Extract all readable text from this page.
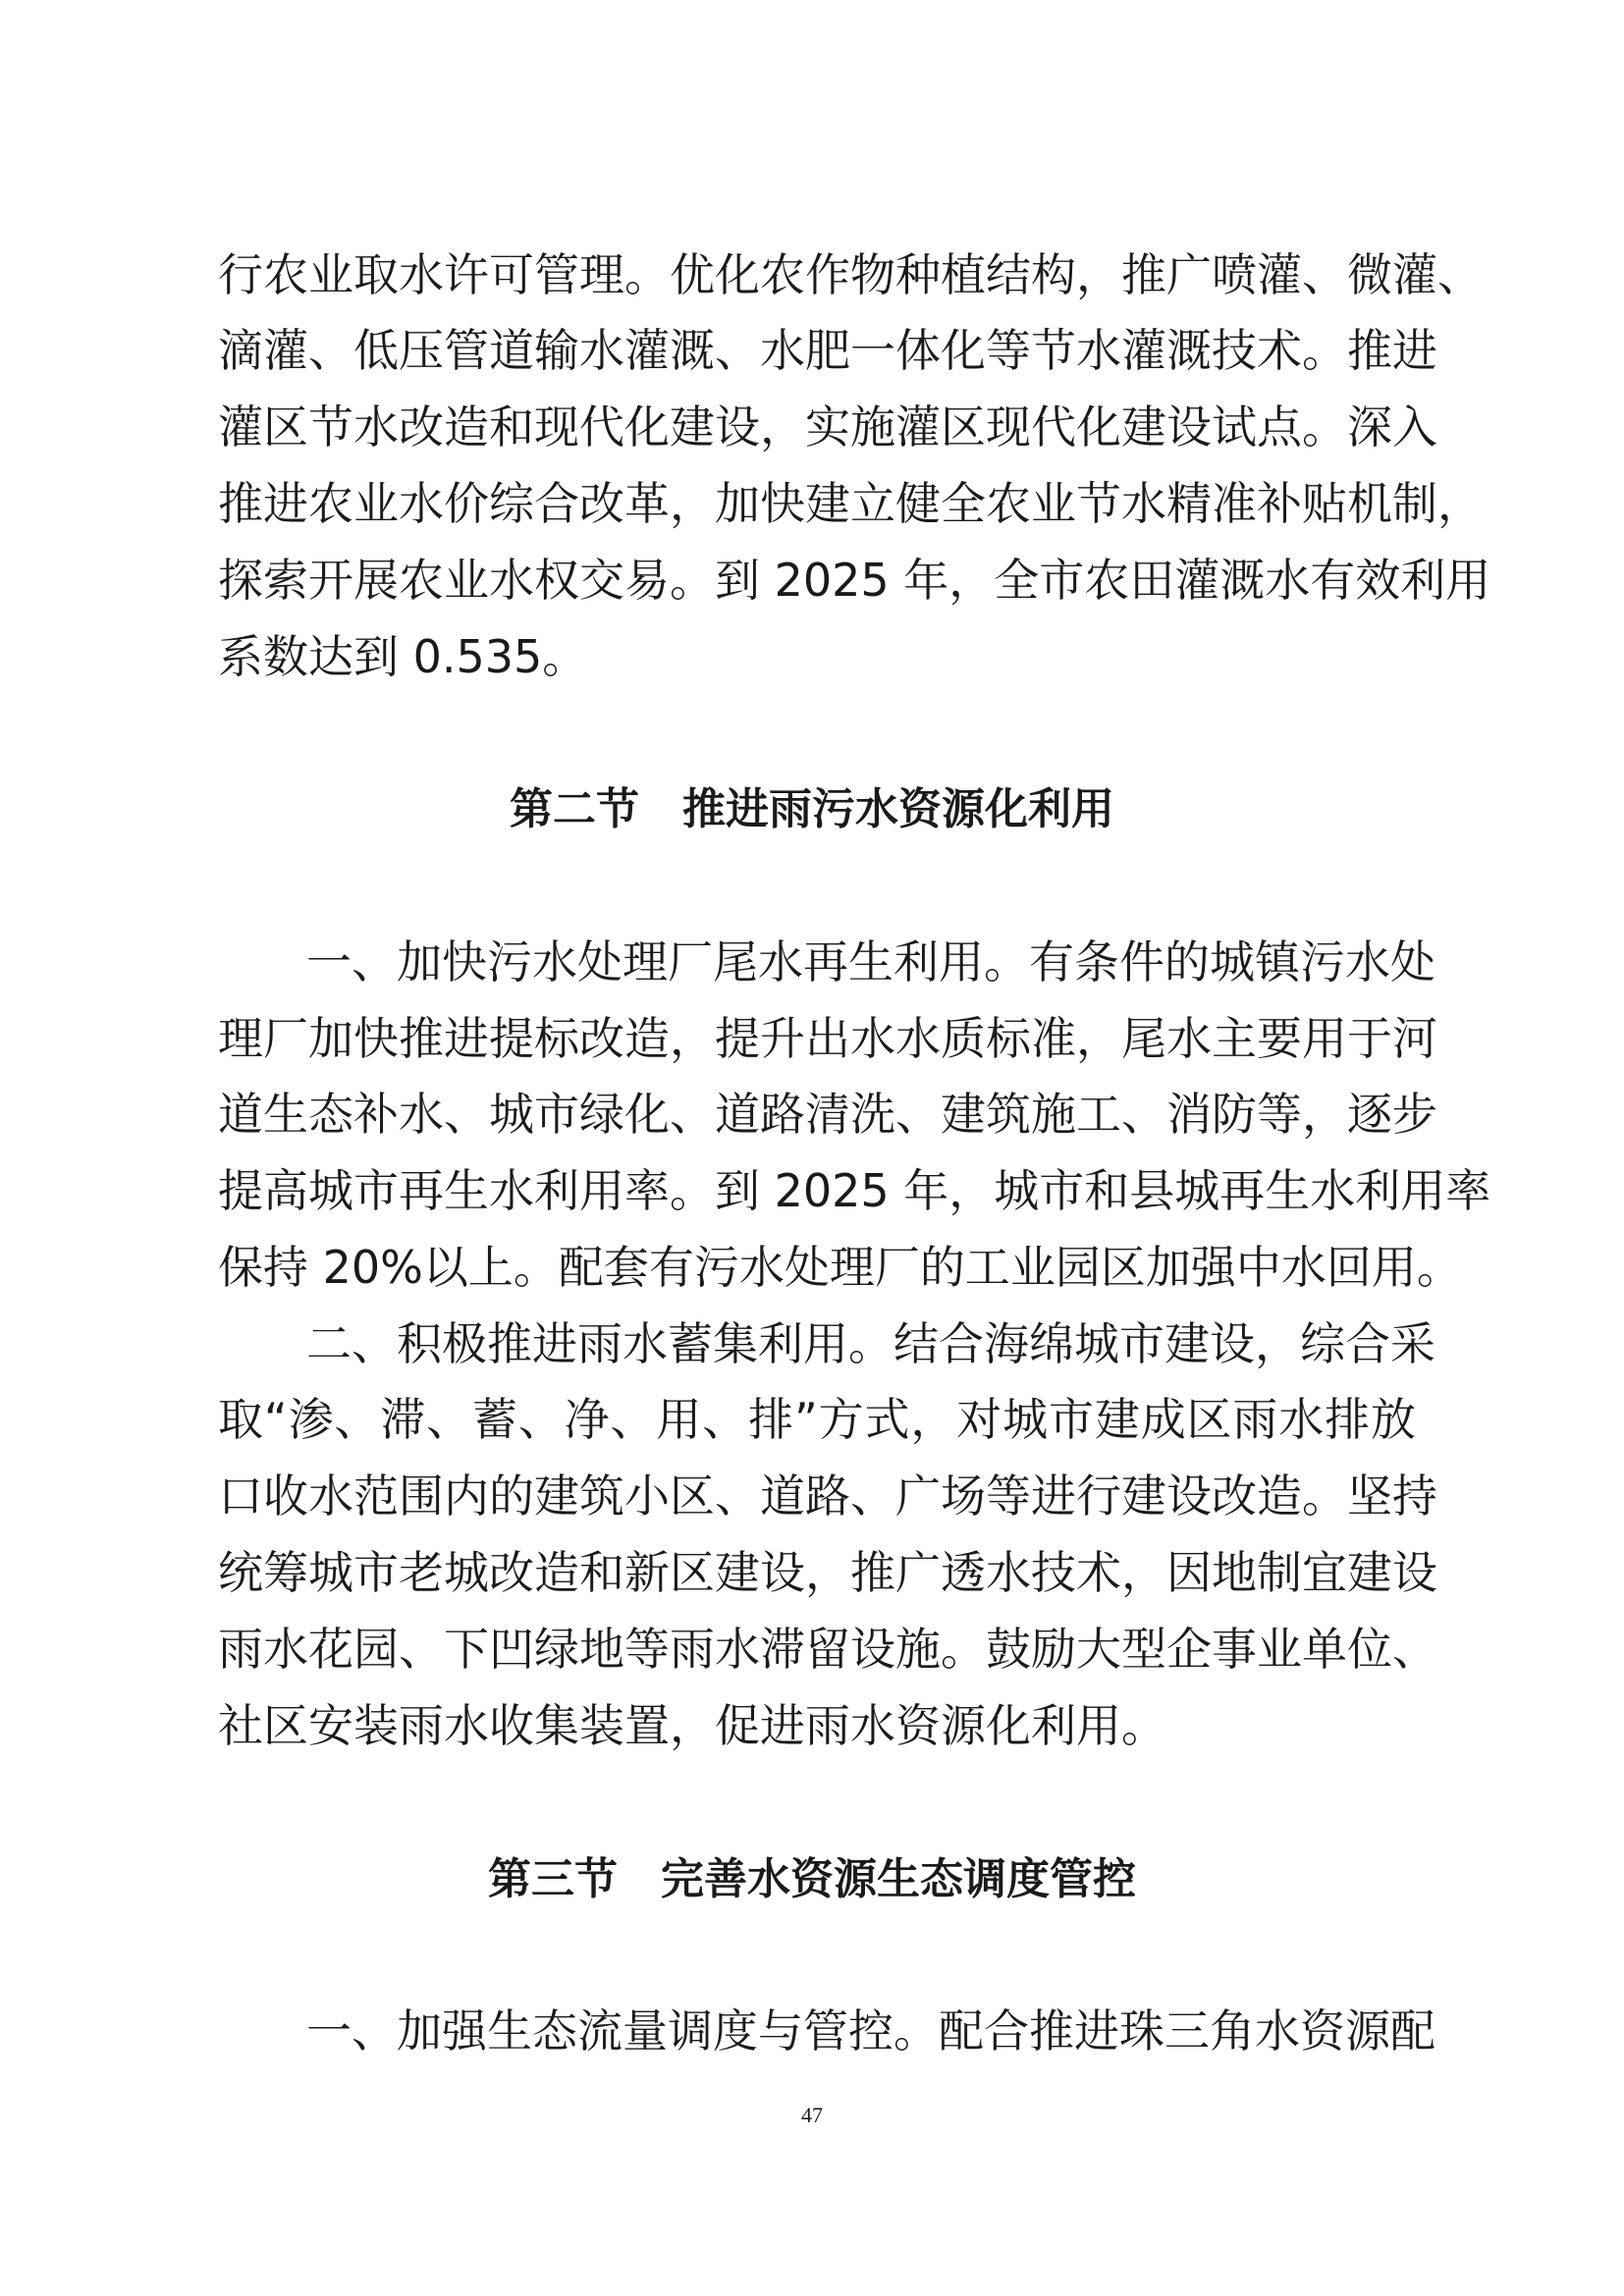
行农业取水许可管理。优化农作物种植结构，推广喷灌、微灌、
滴灌、低压管道输水灌溉、水肥一体化等节水灌溉技术。推进
灌区节水改造和现代化建设，实施灌区现代化建设试点。深入
推进农业水价综合改革，加快建立健全农业节水精准补贴机制，
探索开展农业水权交易。到 2025 年，全市农田灌溉水有效利用
系数达到 0.535。
第二节　推进雨污水资源化利用
一、加快污水处理厂尾水再生利用。有条件的城镇污水处
理厂加快推进提标改造，提升出水水质标准，尾水主要用于河
道生态补水、城市绿化、道路清洗、建筑施工、消防等，逐步
提高城市再生水利用率。到 2025 年，城市和县城再生水利用率
保持 20%以上。配套有污水处理厂的工业园区加强中水回用。
二、积极推进雨水蓄集利用。结合海绵城市建设，综合采
取“渗、滞、蓄、净、用、排”方式，对城市建成区雨水排放
口收水范围内的建筑小区、道路、广场等进行建设改造。坚持
统筹城市老城改造和新区建设，推广透水技术，因地制宜建设
雨水花园、下凹绿地等雨水滞留设施。鼓励大型企事业单位、
社区安装雨水收集装置，促进雨水资源化利用。
第三节　完善水资源生态调度管控
一、加强生态流量调度与管控。配合推进珠三角水资源配
47
